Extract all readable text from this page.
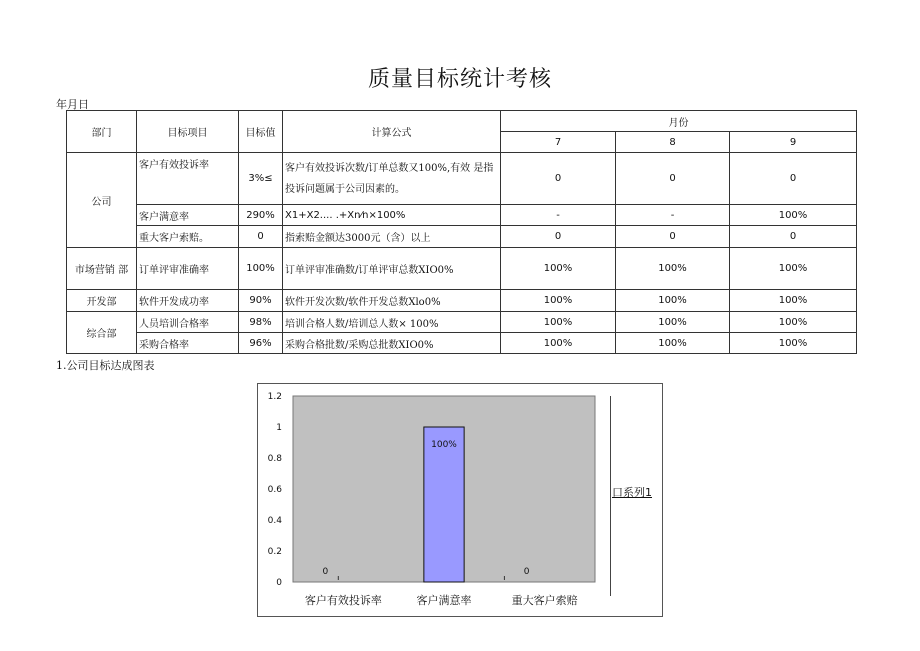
质量目标统计考核
年月日
部门	目标项目	目标值	计算公式	月份		
				7	8	9
公司	客户有效投诉率	3%≤	客户有效投诉次数/订单总数又100%,有效 是指投诉问题属于公司因素的。	0	0	0
	客户满意率	290%	X1+X2.... .+Xn⁄n×100%	-	-	100%
	重大客户索赔。	0	指索赔金额达3000元（含）以上	0	0	0
市场营销 部	订单评审准确率	100%	订单评审准确数/订单评审总数XIO0%	100%	100%	100%
开发部	软件开发成功率	90%	软件开发次数/软件开发总数Xlo0%	100%	100%	100%
综合部	人员培训合格率	98%	培训合格人数/培训总人数× 100%	100%	100%	100%
	采购合格率	96%	采购合格批数/采购总批数XIO0%	100%	100%	100%
1.公司目标达成图表
0
0.2
0.4
0.6
0.8
1
1.2
0
客户有效投诉率
100%
客户满意率
0
重大客户索赔
口系列1
